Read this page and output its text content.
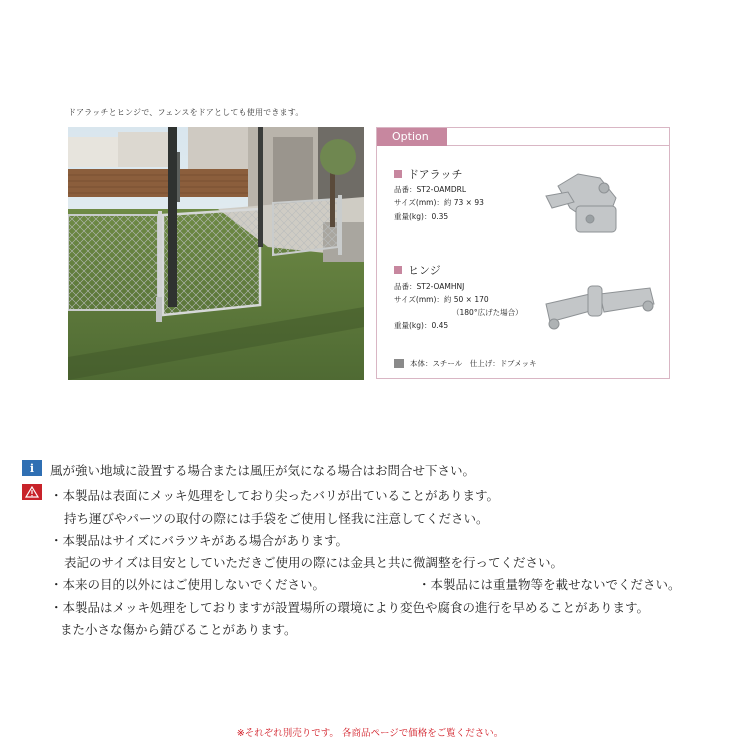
ドアラッチとヒンジで、フェンスをドアとしても使用できます。
Option
ドアラッチ
品番：ST2-OAMDRL
サイズ(mm)：約 73 × 93
重量(kg)：0.35
ヒンジ
品番：ST2-OAMHNJ
サイズ(mm)：約 50 × 170
（180°広げた場合）
重量(kg)：0.45
本体：スチール　仕上げ：ドブメッキ
i	風が強い地域に設置する場合または風圧が気になる場合はお問合せ下さい。
・本製品は表面にメッキ処理をしており尖ったバリが出ていることがあります。
持ち運びやパーツの取付の際には手袋をご使用し怪我に注意してください。
・本製品はサイズにバラツキがある場合があります。
表記のサイズは目安としていただきご使用の際には金具と共に微調整を行ってください。
・本来の目的以外にはご使用しないでください。	・本製品には重量物等を載せないでください。
・本製品はメッキ処理をしておりますが設置場所の環境により変色や腐食の進行を早めることがあります。
また小さな傷から錆びることがあります。
※それぞれ別売りです。 各商品ページで価格をご覧ください。
